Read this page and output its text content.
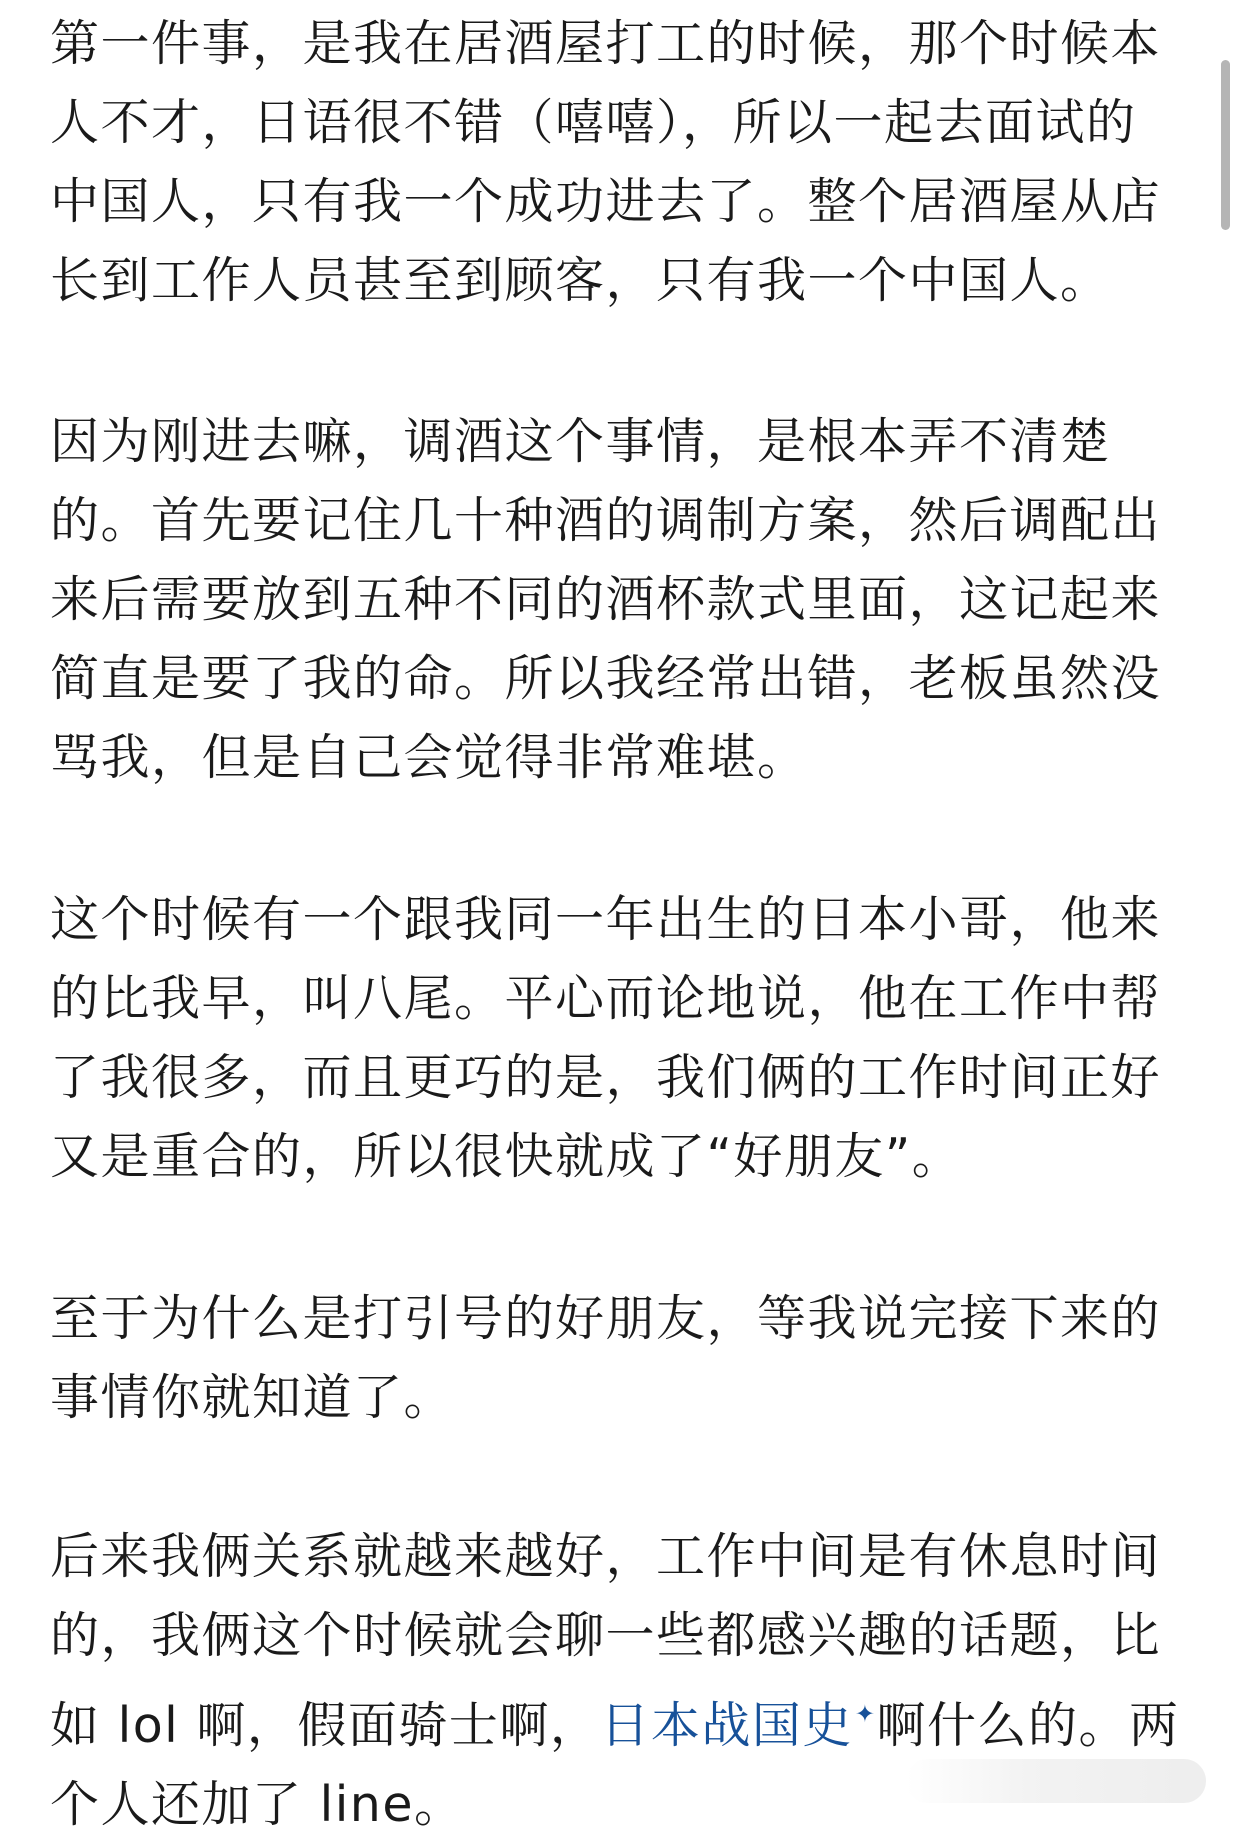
第一件事，是我在居酒屋打工的时候，那个时候本
人不才，日语很不错（嘻嘻），所以一起去面试的
中国人，只有我一个成功进去了。整个居酒屋从店
长到工作人员甚至到顾客，只有我一个中国人。

因为刚进去嘛，调酒这个事情，是根本弄不清楚
的。首先要记住几十种酒的调制方案，然后调配出
来后需要放到五种不同的酒杯款式里面，这记起来
简直是要了我的命。所以我经常出错，老板虽然没
骂我，但是自己会觉得非常难堪。

这个时候有一个跟我同一年出生的日本小哥，他来
的比我早，叫八尾。平心而论地说，他在工作中帮
了我很多，而且更巧的是，我们俩的工作时间正好
又是重合的，所以很快就成了“好朋友”。

至于为什么是打引号的好朋友，等我说完接下来的
事情你就知道了。

后来我俩关系就越来越好，工作中间是有休息时间
的，我俩这个时候就会聊一些都感兴趣的话题，比
如 lol 啊，假面骑士啊，日本战国史✦啊什么的。两
个人还加了 line。
